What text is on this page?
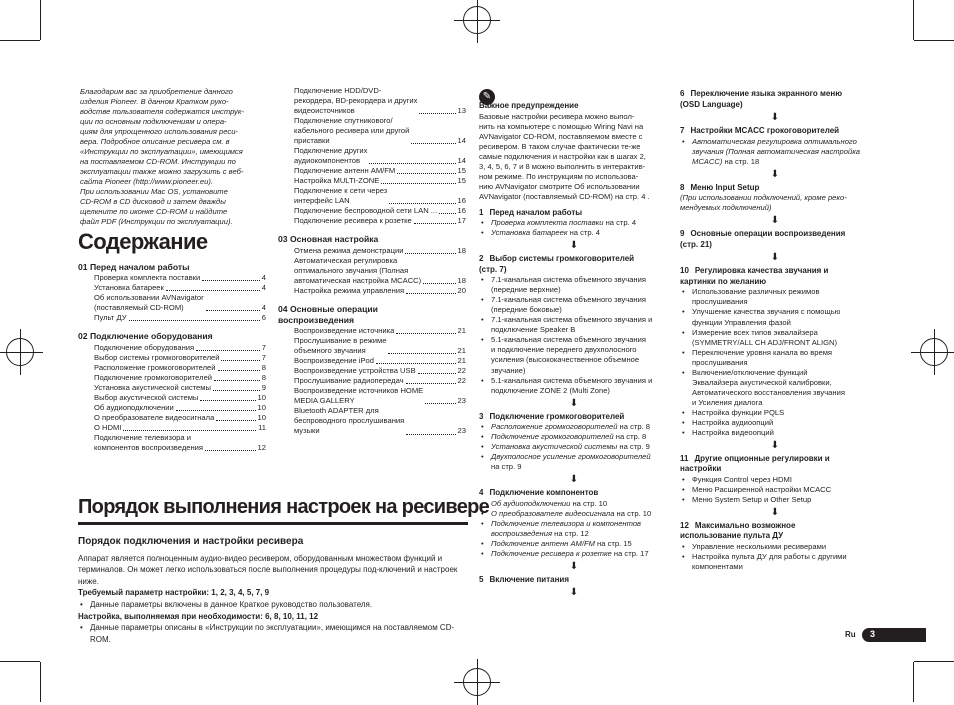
Благодарим вас за приобретение данного
изделия Pioneer. В данном Кратком руко-
водстве пользователя содержатся инструк-
ции по основным подключениям и опера-
циям для упрощенного использования реси-
вера. Подробное описание ресивера см. в
«Инструкции по эксплуатации», имеющимся
на поставляемом CD-ROM. Инструкции по
эксплуатации также можно загрузить с веб-
сайта Pioneer (http://www.pioneer.eu).
При использовании Mac OS, установите
CD-ROM в CD дисковод и затем дважды
щелкните по иконке CD-ROM и найдите
файл PDF (Инструкции по эксплуатации).
Содержание
01 Перед началом работы
Проверка комплекта поставки	4
Установка батареек	4
Об использовании AVNavigator
(поставляемый CD-ROM)	4
Пульт ДУ	6
02 Подключение оборудования
Подключение оборудования	7
Выбор системы громкоговорителей	7
Расположение громкоговорителей	8
Подключение громкоговорителей	8
Установка акустической системы	9
Выбор акустической системы	10
Об аудиоподключении	10
О преобразователе видеосигнала	10
О HDMI	11
Подключение телевизора и
компонентов воспроизведения	12
Подключение HDD/DVD-
рекордера, BD-рекордера и других
видеоисточников	13
Подключение спутникового/
кабельного ресивера или другой
приставки	14
Подключение других
аудиокомпонентов	14
Подключение антенн AM/FM	15
Настройка MULTI-ZONE	15
Подключение к сети через
интерфейс LAN	16
Подключение беспроводной сети LAN ...	16
Подключение ресивера к розетке	17
03 Основная настройка
Отмена режима демонстрации	18
Автоматическая регулировка
оптимального звучания (Полная
автоматическая настройка MCACC)	18
Настройка режима управления	20
04 Основные операции
воспроизведения
Воспроизведение источника	21
Прослушивание в режиме
объемного звучания	21
Воспроизведение iPod	21
Воспроизведение устройства USB	22
Прослушивание радиопередач	22
Воспроизведение источников HOME
MEDIA GALLERY	23
Bluetooth ADAPTER для
беспроводного прослушивания
музыки	23
Порядок выполнения настроек на ресивере
Порядок подключения и настройки ресивера
Аппарат является полноценным аудио-видео ресивером, оборудованным множеством функций и терминалов. Он может легко использоваться после выполнения процедуры под-ключений и настроек ниже.
Требуемый параметр настройки: 1, 2, 3, 4, 5, 7, 9
• Данные параметры включены в данное Краткое руководство пользователя.
Настройка, выполняемая при необходимости: 6, 8, 10, 11, 12
• Данные параметры описаны в «Инструкции по эксплуатации», имеющимся на поставляемом CD-ROM.
✎
Важное предупреждение
Базовые настройки ресивера можно выпол-
нить на компьютере с помощью Wiring Navi на
AVNavigator CD-ROM, поставляемом вместе с
ресивером. В таком случае фактически те-же
самые подключения и настройки как в шагах 2,
3, 4, 5, 6, 7 и 8 можно выполнить в интерактив-
ном режиме. По инструкциям по использова-
нию AVNavigator смотрите Об использовании
AVNavigator (поставляемый CD-ROM) на стр. 4 .
1 Перед началом работы
• Проверка комплекта поставки на стр. 4
• Установка батареек на стр. 4
⬇
2 Выбор системы громкоговорителей
(стр. 7)
• 7.1-канальная система объемного звучания
(передние верхние)
• 7.1-канальная система объемного звучания
(передние боковые)
• 7.1-канальная система объемного звучания и
подключение Speaker B
• 5.1-канальная система объемного звучания
и подключение переднего двухполосного
усиления (высококачественное объемное
звучание)
• 5.1-канальная система объемного звучания и
подключение ZONE 2 (Multi Zone)
⬇
3 Подключение громкоговорителей
• Расположение громкоговорителей на стр. 8
• Подключение громкоговорителей на стр. 8
• Установка акустической системы на стр. 9
• Двухполосное усиление громкоговорителей
на стр. 9
⬇
4 Подключение компонентов
• Об аудиоподключении на стр. 10
• О преобразователе видеосигнала на стр. 10
• Подключение телевизора и компонентов
воспроизведения на стр. 12
• Подключение антенн AM/FM на стр. 15
• Подключение ресивера к розетке на стр. 17
⬇
5 Включение питания
⬇
6 Переключение языка экранного меню
(OSD Language)
⬇
7 Настройки MCACC грокоговорителей
• Автоматическая регулировка оптимального
звучания (Полная автоматическая настройка
MCACC) на стр. 18
⬇
8 Меню Input Setup
(При использовании подключений, кроме реко-
мендуемых подключений)
⬇
9 Основные операции воспроизведения
(стр. 21)
⬇
10 Регулировка качества звучания и
картинки по желанию
• Использование различных режимов
прослушивания
• Улучшение качества звучания с помощью
функции Управления фазой
• Измерение всех типов эквалайзера
(SYMMETRY/ALL CH ADJ/FRONT ALIGN)
• Переключение уровня канала во время
прослушивания
• Включение/отключение функций
Эквалайзера акустической калибровки,
Автоматического восстановления звучания
и Усиления диалога
• Настройка функции PQLS
• Настройка аудиоопций
• Настройка видеоопций
⬇
11 Другие опционные регулировки и
настройки
• Функция Control через HDMI
• Меню Расширенной настройки MCACC
• Меню System Setup и Other Setup
⬇
12 Максимально возможное
использование пульта ДУ
• Управление несколькими ресиверами
• Настройка пульта ДУ для работы с другими
компонентами
Ru	3
